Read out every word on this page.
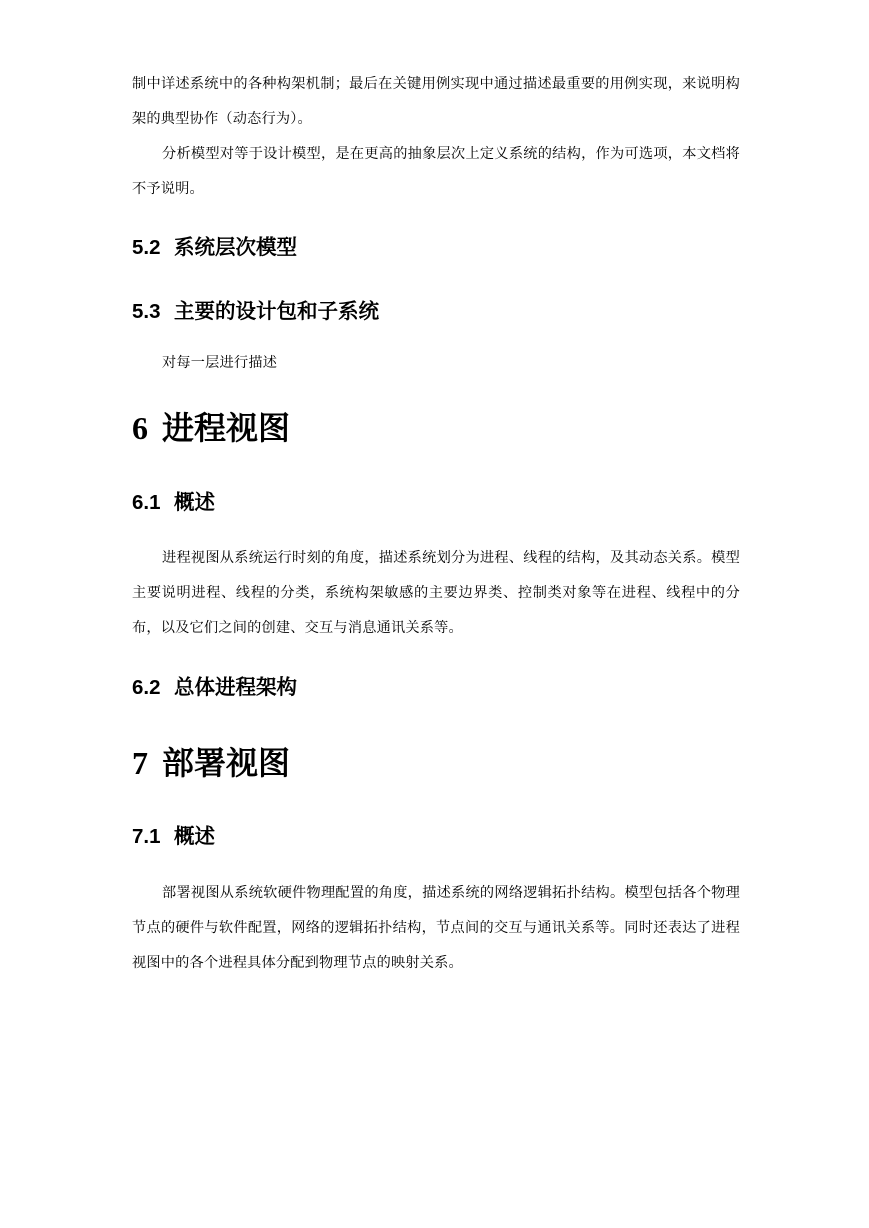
制中详述系统中的各种构架机制；最后在关键用例实现中通过描述最重要的用例实现，来说明构架的典型协作（动态行为）。

分析模型对等于设计模型，是在更高的抽象层次上定义系统的结构，作为可选项，本文档将不予说明。

5.2 系统层次模型
5.3 主要的设计包和子系统

对每一层进行描述

6 进程视图
6.1 概述

进程视图从系统运行时刻的角度，描述系统划分为进程、线程的结构，及其动态关系。模型主要说明进程、线程的分类，系统构架敏感的主要边界类、控制类对象等在进程、线程中的分布，以及它们之间的创建、交互与消息通讯关系等。

6.2 总体进程架构
7 部署视图
7.1 概述

部署视图从系统软硬件物理配置的角度，描述系统的网络逻辑拓扑结构。模型包括各个物理节点的硬件与软件配置，网络的逻辑拓扑结构，节点间的交互与通讯关系等。同时还表达了进程视图中的各个进程具体分配到物理节点的映射关系。
